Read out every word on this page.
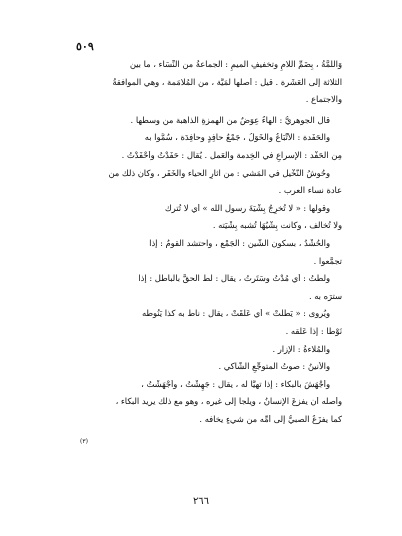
٥٠٩
وَاللَّمَّةُ ، بِضَمِّ اللامِ وتخفيفِ الميمِ : الجماعةُ من النِّسَاء ، ما بين
الثلاثة إلى العَشَرة . قيل : أصلُها لُمَيَّة ، من المُلامَمة ، وهي الموافقةُ
والاجتماع .
قال الجوهريُّ : الهاءُ عِوَضٌ من الهمزةِ الذاهبة من وسطها .
والحَفَدة : الأتْبَاعُ والخَوَلُ ، جَمْعُ حافِدٍ وحافِدَة ، سُمُّوا به
مِن الحَفْد : الإسراعِ في الخِدمة والعَمل . يُقال : حَفَدْتُ وأحْفَدْتُ .
وحُوشُ النَّخْيل في المَشي : من آثارِ الحياء والخَفَر ، وكان ذلك من
عادة نساء العرب .
وقولُها : « لا تُخرِجُ بِشْيَةَ رسول الله » أي لا تُترك
ولا تُخالف ، وكانت بِشْيُهَا تُشبه بِشْيَته .
والحُشْدُ ، بسكون الشّين : الجَمْع ، واحتشد القومُ : إذا
تجمَّعوا .
ولُطْتُ : أي مُدْتُ وسَتَرتُ ، يقال : لُطَّ الحقَّ بالباطل : إذا
سترَه به .
ويُروى : « يَطلُتْ » أي عَلَقَتْ ، يقال : ناطَ به كذا يَنُوطُه
نَوْطاً : إذا عَلَّقه .
والمُلاءةُ : الإزار .
والأنينُ : صوتُ المتوجِّعِ الشَّاكي .
وأَجْهَشَ بالبكاء : إذا تهيَّأ له ، يقال : جَهِشْتُ ، وأَجْهَشْتُ ،
وأصلُه أن يفزعَ الإنسانُ ، ويلجأَ إلى غيره ، وهو مع ذلك يريد البكاء ،
كما يفزَعُ الصبيُّ إلى أمِّه من شيءٍ يخافه .
(٣)
٢٦٦
